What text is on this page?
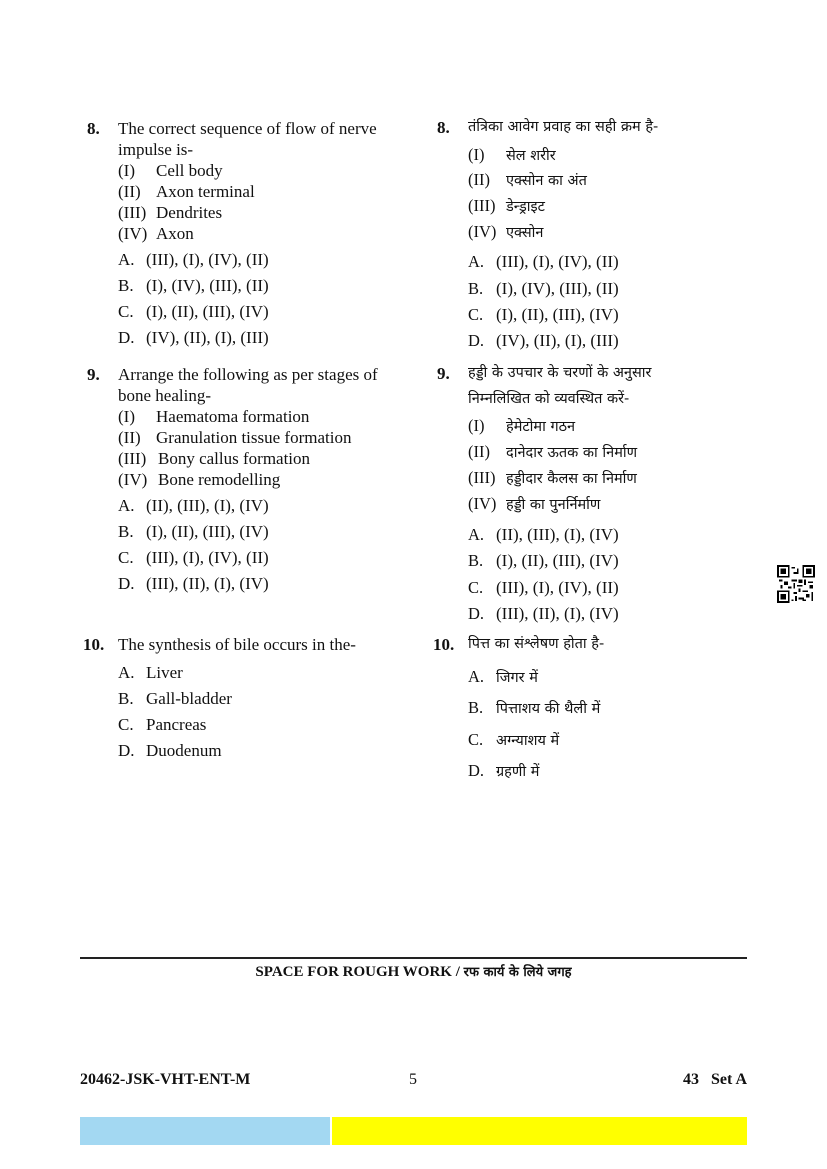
8. The correct sequence of flow of nerve impulse is-
(I) Cell body
(II) Axon terminal
(III) Dendrites
(IV) Axon
A. (III), (I), (IV), (II)
B. (I), (IV), (III), (II)
C. (I), (II), (III), (IV)
D. (IV), (II), (I), (III)
9. Arrange the following as per stages of bone healing-
(I) Haematoma formation
(II) Granulation tissue formation
(III) Bony callus formation
(IV) Bone remodelling
A. (II), (III), (I), (IV)
B. (I), (II), (III), (IV)
C. (III), (I), (IV), (II)
D. (III), (II), (I), (IV)
10. The synthesis of bile occurs in the-
A. Liver
B. Gall-bladder
C. Pancreas
D. Duodenum
8. तंत्रिका आवेग प्रवाह का सही क्रम है-
(I) सेल शरीर
(II) एक्सोन का अंत
(III) डेन्ड्राइट
(IV) एक्सोन
A. (III), (I), (IV), (II)
B. (I), (IV), (III), (II)
C. (I), (II), (III), (IV)
D. (IV), (II), (I), (III)
9. हड्डी के उपचार के चरणों के अनुसार
निम्नलिखित को व्यवस्थित करें-
(I) हेमेटोमा गठन
(II) दानेदार ऊतक का निर्माण
(III) हड्डीदार कैलस का निर्माण
(IV) हड्डी का पुनर्निर्माण
A. (II), (III), (I), (IV)
B. (I), (II), (III), (IV)
C. (III), (I), (IV), (II)
D. (III), (II), (I), (IV)
10. पित्त का संश्लेषण होता है-
A. जिगर में
B. पित्ताशय की थैली में
C. अग्न्याशय में
D. ग्रहणी में
SPACE FOR ROUGH WORK / रफ कार्य के लिये जगह
20462-JSK-VHT-ENT-M	5	43   Set A
